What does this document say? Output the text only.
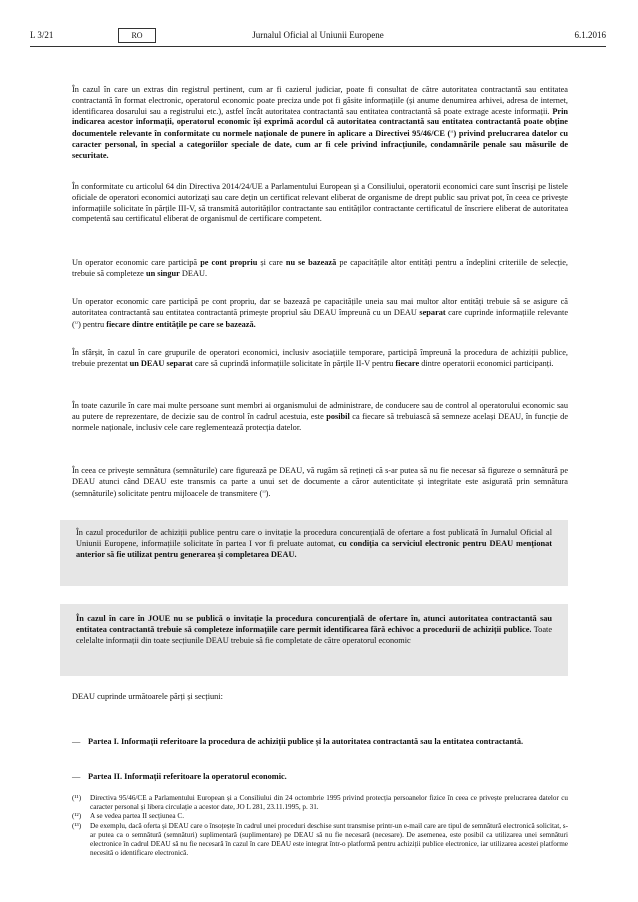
L 3/21	RO	Jurnalul Oficial al Uniunii Europene	6.1.2016

În cazul în care un extras din registrul pertinent, cum ar fi cazierul judiciar, poate fi consultat de către autoritatea contractantă sau entitatea contractantă în format electronic, operatorul economic poate preciza unde pot fi găsite informațiile (și anume denumirea arhivei, adresa de internet, identificarea dosarului sau a registrului etc.), astfel încât autoritatea contractantă sau entitatea contractantă să poate extrage aceste informații. Prin indicarea acestor informații, operatorul economic își exprimă acordul că autoritatea contractantă sau entitatea contractantă poate obține documentele relevante în conformitate cu normele naționale de punere în aplicare a Directivei 95/46/CE ($^{^{11}}$) privind prelucrarea datelor cu caracter personal, în special a categoriilor speciale de date, cum ar fi cele privind infracțiunile, condamnările penale sau măsurile de securitate.

În conformitate cu articolul 64 din Directiva 2014/24/UE a Parlamentului European și a Consiliului, operatorii economici care sunt înscriși pe listele oficiale de operatori economici autorizați sau care dețin un certificat relevant eliberat de organisme de drept public sau privat pot, în ceea ce privește informațiile solicitate în părțile III-V, să transmită autorităților contractante sau entităților contractante certificatul de înscriere eliberat de autoritatea competentă sau certificatul eliberat de organismul de certificare competent.

Un operator economic care participă pe cont propriu și care nu se bazează pe capacitățile altor entități pentru a îndeplini criteriile de selecție, trebuie să completeze un singur DEAU.

Un operator economic care participă pe cont propriu, dar se bazează pe capacitățile uneia sau mai multor altor entități trebuie să se asigure că autoritatea contractantă sau entitatea contractantă primește propriul său DEAU împreună cu un DEAU separat care cuprinde informațiile relevante ($^{^{12}}$) pentru fiecare dintre entitățile pe care se bazează.

În sfârșit, în cazul în care grupurile de operatori economici, inclusiv asociațiile temporare, participă împreună la procedura de achiziții publice, trebuie prezentat un DEAU separat care să cuprindă informațiile solicitate în părțile II-V pentru fiecare dintre operatorii economici participanți.

În toate cazurile în care mai multe persoane sunt membri ai organismului de administrare, de conducere sau de control al operatorului economic sau au putere de reprezentare, de decizie sau de control în cadrul acestuia, este posibil ca fiecare să trebuiască să semneze același DEAU, în funcție de normele naționale, inclusiv cele care reglementează protecția datelor.

În ceea ce privește semnătura (semnăturile) care figurează pe DEAU, vă rugăm să rețineți că s-ar putea să nu fie necesar să figureze o semnătură pe DEAU atunci când DEAU este transmis ca parte a unui set de documente a căror autenticitate și integritate este asigurată prin semnătura (semnăturile) solicitate pentru mijloacele de transmitere ($^{^{13}}$).

În cazul procedurilor de achiziții publice pentru care o invitație la procedura concurențială de ofertare a fost publicată în Jurnalul Oficial al Uniunii Europene, informațiile solicitate în partea I vor fi preluate automat, cu condiția ca serviciul electronic pentru DEAU menționat anterior să fie utilizat pentru generarea și completarea DEAU.

În cazul în care în JOUE nu se publică o invitație la procedura concurențială de ofertare în, atunci autoritatea contractantă sau entitatea contractantă trebuie să completeze informațiile care permit identificarea fără echivoc a procedurii de achiziții publice. Toate celelalte informații din toate secțiunile DEAU trebuie să fie completate de către operatorul economic

DEAU cuprinde următoarele părți și secțiuni:

— Partea I. Informații referitoare la procedura de achiziții publice și la autoritatea contractantă sau la entitatea contractantă.
— Partea II. Informații referitoare la operatorul economic.

(¹¹) Directiva 95/46/CE a Parlamentului European și a Consiliului din 24 octombrie 1995 privind protecția persoanelor fizice în ceea ce privește prelucrarea datelor cu caracter personal și libera circulație a acestor date, JO L 281, 23.11.1995, p. 31.

(¹²) A se vedea partea II secțiunea C.

(¹³) De exemplu, dacă oferta și DEAU care o însoțește în cadrul unei proceduri deschise sunt transmise printr-un e-mail care are tipul de semnătură electronică solicitat, s-ar putea ca o semnătură (semnături) suplimentară (suplimentare) pe DEAU să nu fie necesară (necesare). De asemenea, este posibil ca utilizarea unei semnături electronice în cadrul DEAU să nu fie necesară în cazul în care DEAU este integrat într-o platformă pentru achiziții publice electronice, iar utilizarea acestei platforme necesită o identificare electronică.
